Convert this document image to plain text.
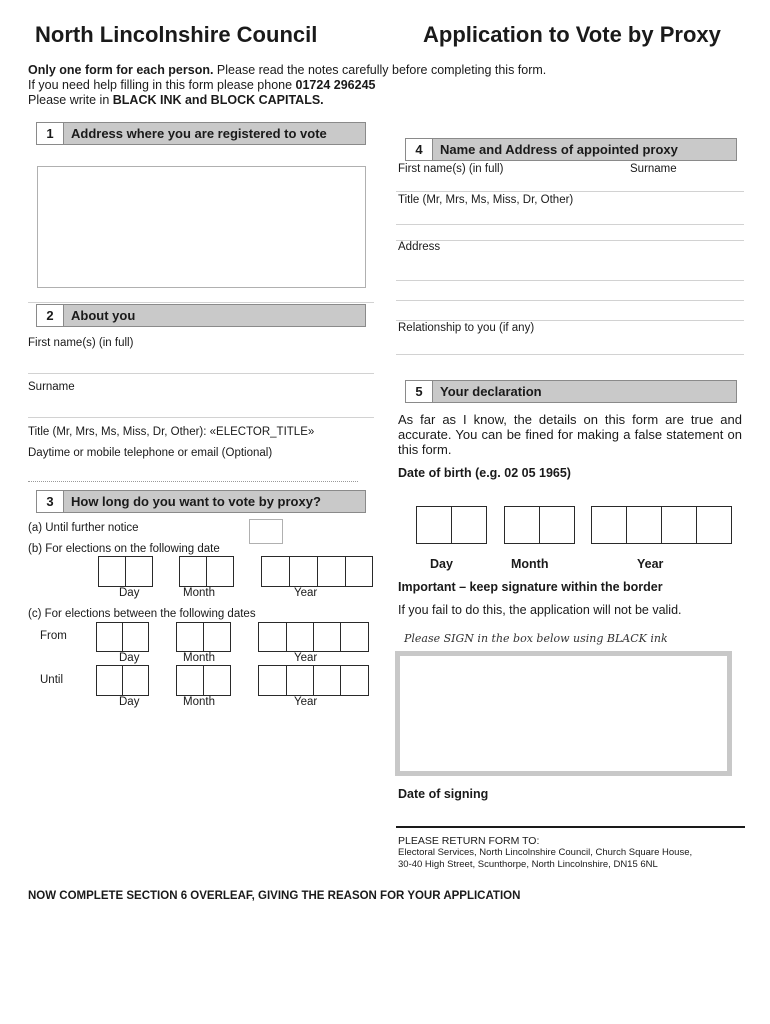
North Lincolnshire Council	Application to Vote by Proxy
Only one form for each person. Please read the notes carefully before completing this form.
If you need help filling in this form please phone 01724 296245
Please write in BLACK INK and BLOCK CAPITALS.
1	Address where you are registered to vote
2	About you
First name(s) (in full)
Surname
Title (Mr, Mrs, Ms, Miss, Dr, Other): «ELECTOR_TITLE»
Daytime or mobile telephone or email (Optional)
3	How long do you want to vote by proxy?
(a) Until further notice
(b) For elections on the following date
Day	Month	Year
(c) For elections between the following dates
From
Day	Month	Year
Until
Day	Month	Year
4	Name and Address of appointed proxy
First name(s) (in full)	Surname
Title (Mr, Mrs, Ms, Miss, Dr, Other)
Address
Relationship to you (if any)
5	Your declaration
As far as I know, the details on this form are true and accurate. You can be fined for making a false statement on this form.
Date of birth (e.g. 02 05 1965)
Day	Month	Year
Important – keep signature within the border
If you fail to do this, the application will not be valid.
Please SIGN in the box below using BLACK ink
Date of signing
PLEASE RETURN FORM TO:
Electoral Services, North Lincolnshire Council, Church Square House,
30-40 High Street, Scunthorpe, North Lincolnshire, DN15 6NL
NOW COMPLETE SECTION 6 OVERLEAF, GIVING THE REASON FOR YOUR APPLICATION
